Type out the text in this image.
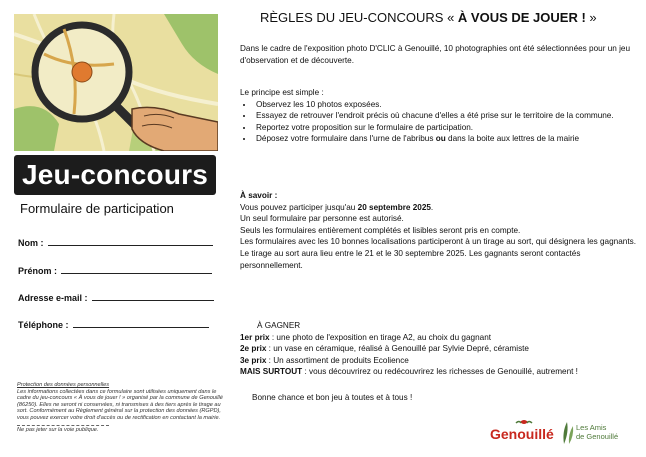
Jeu-concours
Formulaire de participation
Nom :
Prénom :
Adresse e-mail :
Téléphone :
Protection des données personnelles
Les informations collectées dans ce formulaire sont utilisées uniquement dans le cadre du jeu-concours « À vous de jouer ! » organisé par la commune de Genouillé (86250). Elles ne seront ni conservées, ni transmises à des tiers après le tirage au sort. Conformément au Règlement général sur la protection des données (RGPD), vous pouvez exercer votre droit d'accès ou de rectification en contactant la mairie.
Ne pas jeter sur la voie publique.
RÈGLES DU JEU-CONCOURS « À VOUS DE JOUER ! »

Dans le cadre de l'exposition photo D'CLIC à Genouillé, 10 photographies ont été sélectionnées pour un jeu d'observation et de découverte.

Le principe est simple :

• Observez les 10 photos exposées.
• Essayez de retrouver l'endroit précis où chacune d'elles a été prise sur le territoire de la commune.
• Reportez votre proposition sur le formulaire de participation.
• Déposez votre formulaire dans l'urne de l'abribus ou dans la boite aux lettres de la mairie

À savoir :

Vous pouvez participer jusqu'au 20 septembre 2025.

Un seul formulaire par personne est autorisé.

Seuls les formulaires entièrement complétés et lisibles seront pris en compte.

Les formulaires avec les 10 bonnes localisations participeront à un tirage au sort, qui désignera les gagnants.

Le tirage au sort aura lieu entre le 21 et le 30 septembre 2025. Les gagnants seront contactés personnellement.

À GAGNER

1er prix : une photo de l'exposition en tirage A2, au choix du gagnant

2e prix : un vase en céramique, réalisé à Genouillé par Sylvie Depré, céramiste

3e prix : Un assortiment de produits Ecolience

MAIS SURTOUT : vous découvrirez ou redécouvrirez les richesses de Genouillé, autrement !

Bonne chance et bon jeu à toutes et à tous !

Genouillé	Les Amis
de Genouillé
